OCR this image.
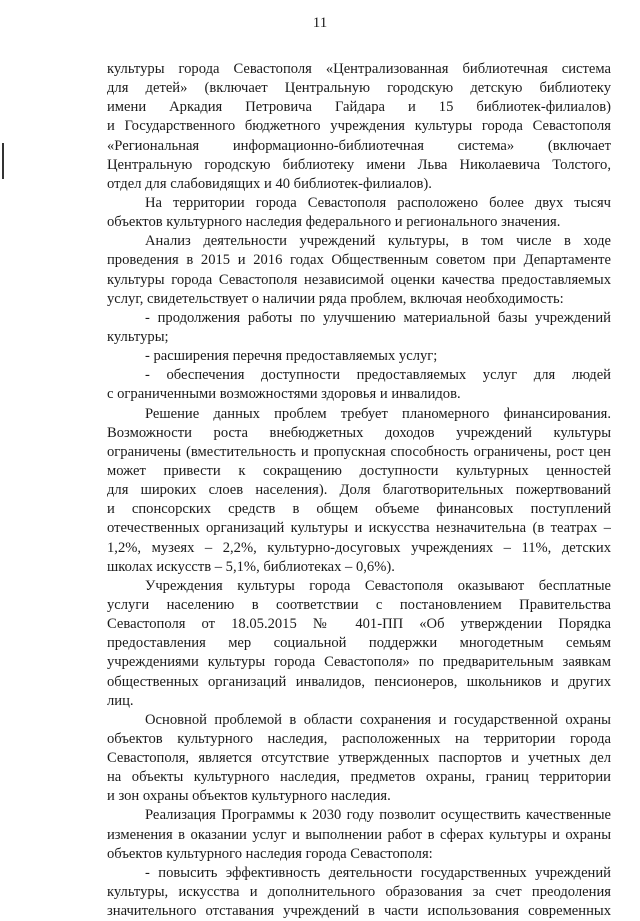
11
культуры города Севастополя «Централизованная библиотечная система
для детей» (включает Центральную городскую детскую библиотеку
имени Аркадия Петровича Гайдара и 15 библиотек-филиалов)
и Государственного бюджетного учреждения культуры города Севастополя
«Региональная информационно-библиотечная система» (включает
Центральную городскую библиотеку имени Льва Николаевича Толстого,
отдел для слабовидящих и 40 библиотек-филиалов).
На территории города Севастополя расположено более двух тысяч
объектов культурного наследия федерального и регионального значения.
Анализ деятельности учреждений культуры, в том числе в ходе
проведения в 2015 и 2016 годах Общественным советом при Департаменте
культуры города Севастополя независимой оценки качества предоставляемых
услуг, свидетельствует о наличии ряда проблем, включая необходимость:
- продолжения работы по улучшению материальной базы учреждений
культуры;
- расширения перечня предоставляемых услуг;
- обеспечения доступности предоставляемых услуг для людей
с ограниченными возможностями здоровья и инвалидов.
Решение данных проблем требует планомерного финансирования.
Возможности роста внебюджетных доходов учреждений культуры
ограничены (вместительность и пропускная способность ограничены, рост цен
может привести к сокращению доступности культурных ценностей
для широких слоев населения). Доля благотворительных пожертвований
и спонсорских средств в общем объеме финансовых поступлений
отечественных организаций культуры и искусства незначительна (в театрах –
1,2%, музеях – 2,2%, культурно-досуговых учреждениях – 11%, детских
школах искусств – 5,1%, библиотеках – 0,6%).
Учреждения культуры города Севастополя оказывают бесплатные
услуги населению в соответствии с постановлением Правительства
Севастополя от 18.05.2015 № 401-ПП «Об утверждении Порядка
предоставления мер социальной поддержки многодетным семьям
учреждениями культуры города Севастополя» по предварительным заявкам
общественных организаций инвалидов, пенсионеров, школьников и других
лиц.
Основной проблемой в области сохранения и государственной охраны
объектов культурного наследия, расположенных на территории города
Севастополя, является отсутствие утвержденных паспортов и учетных дел
на объекты культурного наследия, предметов охраны, границ территории
и зон охраны объектов культурного наследия.
Реализация Программы к 2030 году позволит осуществить качественные
изменения в оказании услуг и выполнении работ в сферах культуры и охраны
объектов культурного наследия города Севастополя:
- повысить эффективность деятельности государственных учреждений
культуры, искусства и дополнительного образования за счет преодоления
значительного отставания учреждений в части использования современных
